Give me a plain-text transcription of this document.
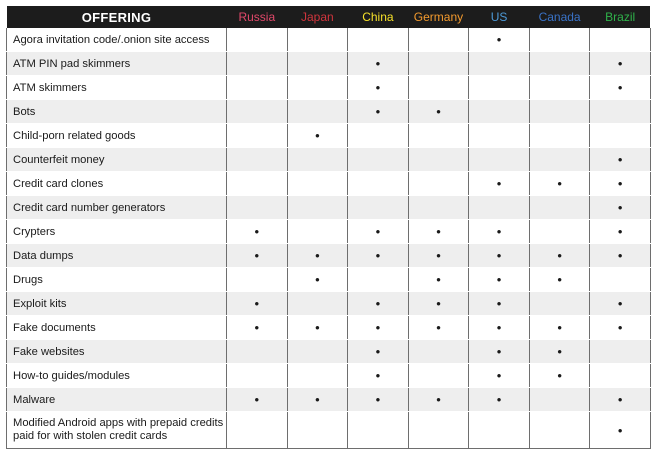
OFFERING	Russia	Japan	China	Germany	US	Canada	Brazil
Agora invitation code/.onion site access					•		
ATM PIN pad skimmers			•				•
ATM skimmers			•				•
Bots			•	•			
Child-porn related goods		•					
Counterfeit money							•
Credit card clones					•	•	•
Credit card number generators							•
Crypters	•		•	•	•		•
Data dumps	•	•	•	•	•	•	•
Drugs		•		•	•	•	
Exploit kits	•		•	•	•		•
Fake documents	•	•	•	•	•	•	•
Fake websites			•		•	•	
How-to guides/modules			•		•	•	
Malware	•	•	•	•	•		•
Modified Android apps with prepaid credits paid for with stolen credit cards							•
